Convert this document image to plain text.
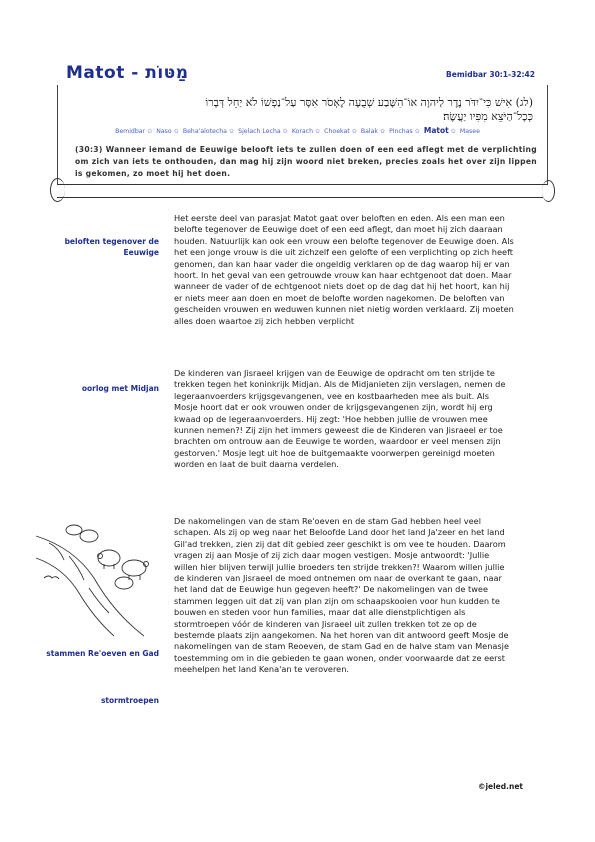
Matot - מַטּוֹת	Bemidbar 30:1-32:42
(לג) אִישׁ כִּי־יִדֹּר נֶדֶר לַיהוָה אוֹ־הִשָּׁבַע שְׁבֻעָה לֶאְסֹר אִסָּר עַל־נַפְשׁוֹ לֹא יַחֵל דְּבָרוֹ
כְּכָל־הַיֹּצֵא מִפִּיו יַעֲשֶׂה׃
Bemidbar ✩ Naso ✩ Beha'alotecha ✩ Sjelach Lecha ✩ Korach ✩ Choekat ✩ Balak ✩ Pinchas ✩ Matot ✩ Masee
(30:3) Wanneer iemand de Eeuwige belooft iets te zullen doen of een eed aflegt met de verplichting om zich van iets te onthouden, dan mag hij zijn woord niet breken, precies zoals het over zijn lippen is gekomen, zo moet hij het doen.
beloften tegenover de Eeuwige
Het eerste deel van parasjat Matot gaat over beloften en eden. Als een man een belofte tegenover de Eeuwige doet of een eed aflegt, dan moet hij zich daaraan houden. Natuurlijk kan ook een vrouw een belofte tegenover de Eeuwige doen. Als het een jonge vrouw is die uit zichzelf een gelofte of een verplichting op zich heeft genomen, dan kan haar vader die ongeldig verklaren op de dag waarop hij er van hoort. In het geval van een getrouwde vrouw kan haar echtgenoot dat doen. Maar wanneer de vader of de echtgenoot niets doet op de dag dat hij het hoort, kan hij er niets meer aan doen en moet de belofte worden nagekomen. De beloften van gescheiden vrouwen en weduwen kunnen niet nietig worden verklaard. Zij moeten alles doen waartoe zij zich hebben verplicht
oorlog met Midjan
De kinderen van Jisraeel krijgen van de Eeuwige de opdracht om ten strijde te trekken tegen het koninkrijk Midjan. Als de Midjanieten zijn verslagen, nemen de legeraanvoerders krijgsgevangenen, vee en kostbaarheden mee als buit. Als Mosje hoort dat er ook vrouwen onder de krijgsgevangenen zijn, wordt hij erg kwaad op de legeraanvoerders. Hij zegt: 'Hoe hebben jullie de vrouwen mee kunnen nemen?! Zij zijn het immers geweest die de Kinderen van Jisraeel er toe brachten om ontrouw aan de Eeuwige te worden, waardoor er veel mensen zijn gestorven.' Mosje legt uit hoe de buitgemaakte voorwerpen gereinigd moeten worden en laat de buit daarna verdelen.
stammen Re'oeven en Gad
stormtroepen
De nakomelingen van de stam Re'oeven en de stam Gad hebben heel veel schapen. Als zij op weg naar het Beloofde Land door het land Ja'zeer en het land Gil'ad trekken, zien zij dat dit gebied zeer geschikt is om vee te houden. Daarom vragen zij aan Mosje of zij zich daar mogen vestigen. Mosje antwoordt: 'Jullie willen hier blijven terwijl jullie broeders ten strijde trekken?! Waarom willen jullie de kinderen van Jisraeel de moed ontnemen om naar de overkant te gaan, naar het land dat de Eeuwige hun gegeven heeft?' De nakomelingen van de twee stammen leggen uit dat zij van plan zijn om schaapskooien voor hun kudden te bouwen en steden voor hun families, maar dat alle dienstplichtigen als stormtroepen vóór de kinderen van Jisraeel uit zullen trekken tot ze op de bestemde plaats zijn aangekomen. Na het horen van dit antwoord geeft Mosje de nakomelingen van de stam Reoeven, de stam Gad en de halve stam van Menasje toestemming om in die gebieden te gaan wonen, onder voorwaarde dat ze eerst meehelpen het land Kena'an te veroveren.
©jeled.net
